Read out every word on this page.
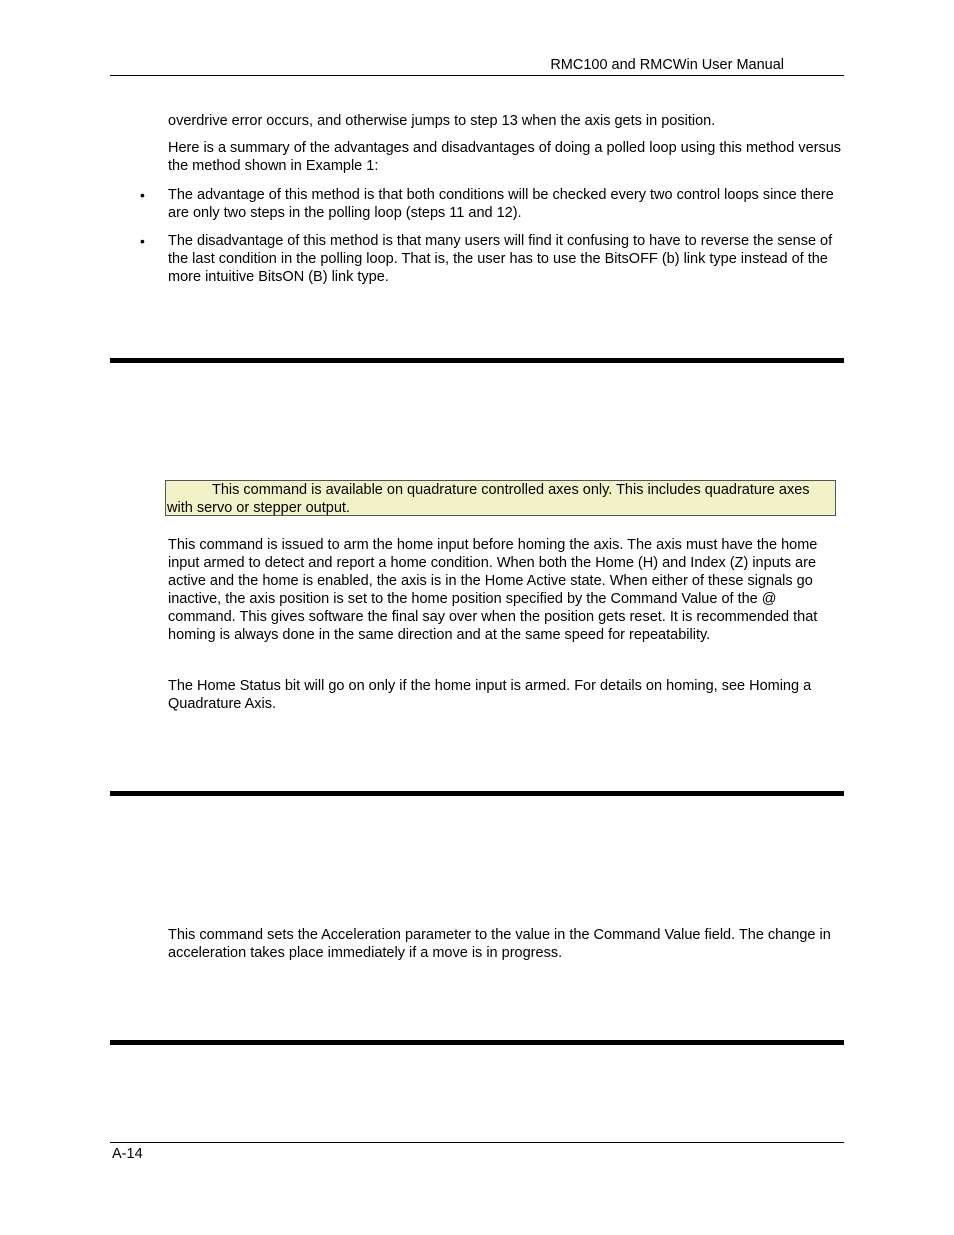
RMC100 and RMCWin User Manual

overdrive error occurs, and otherwise jumps to step 13 when the axis gets in position.

Here is a summary of the advantages and disadvantages of doing a polled loop using this method versus the method shown in Example 1:

• The advantage of this method is that both conditions will be checked every two control loops since there are only two steps in the polling loop (steps 11 and 12).
• The disadvantage of this method is that many users will find it confusing to have to reverse the sense of the last condition in the polling loop. That is, the user has to use the BitsOFF (b) link type instead of the more intuitive BitsON (B) link type.
This command is available on quadrature controlled axes only. This includes quadrature axes with servo or stepper output.

This command is issued to arm the home input before homing the axis. The axis must have the home input armed to detect and report a home condition. When both the Home (H) and Index (Z) inputs are active and the home is enabled, the axis is in the Home Active state. When either of these signals go inactive, the axis position is set to the home position specified by the Command Value of the @ command. This gives software the final say over when the position gets reset. It is recommended that homing is always done in the same direction and at the same speed for repeatability.

The Home Status bit will go on only if the home input is armed. For details on homing, see Homing a Quadrature Axis.

This command sets the Acceleration parameter to the value in the Command Value field. The change in acceleration takes place immediately if a move is in progress.

A-14
